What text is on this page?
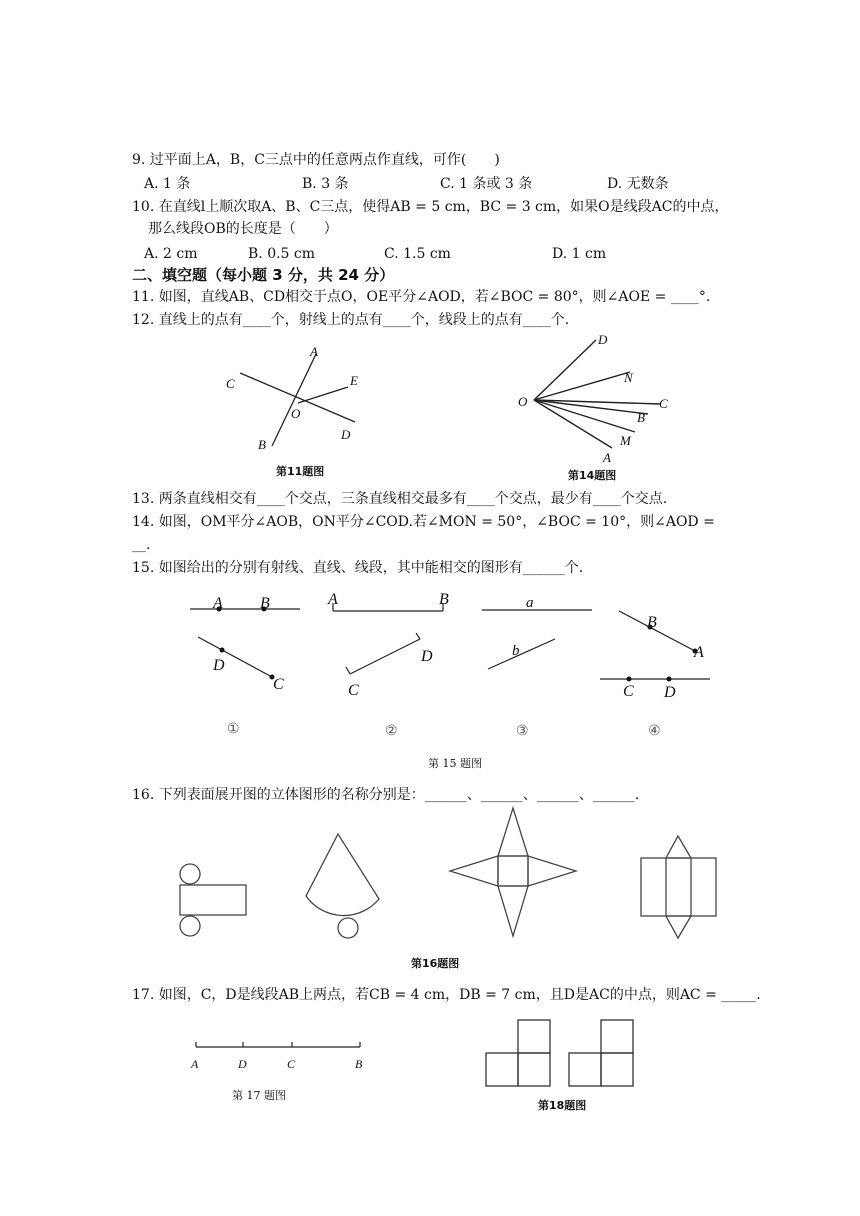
9. 过平面上A，B，C三点中的任意两点作直线，可作(　　)
A. 1 条	B. 3 条	C. 1 条或 3 条	D. 无数条
10. 在直线l上顺次取A、B、C三点，使得AB = 5 cm，BC = 3 cm，如果O是线段AC的中点，
那么线段OB的长度是（　　）
A. 2 cm	B. 0.5 cm	C. 1.5 cm	D. 1 cm
二、填空题（每小题 3 分，共 24 分）
11. 如图，直线AB、CD相交于点O，OE平分∠AOD，若∠BOC = 80°，则∠AOE = ____°.
12. 直线上的点有____个，射线上的点有____个，线段上的点有____个.
A
C	E
O
B
D
第11题图
O
D
N
C
B
M
A
第14题图
13. 两条直线相交有____个交点，三条直线相交最多有____个交点，最少有____个交点.
14. 如图，OM平分∠AOB，ON平分∠COD.若∠MON = 50°，∠BOC = 10°，则∠AOD =
__.
15. 如图给出的分别有射线、直线、线段，其中能相交的图形有______个.
A B
D
C
A	B
D
C
a
b
B
A
C D
①	②	③	④
第 15 题图
16. 下列表面展开图的立体图形的名称分别是：______、______、______、______.
第16题图
17. 如图，C，D是线段AB上两点，若CB = 4 cm，DB = 7 cm，且D是AC的中点，则AC = _____.
A	D	C	B
第 17 题图
第18题图
